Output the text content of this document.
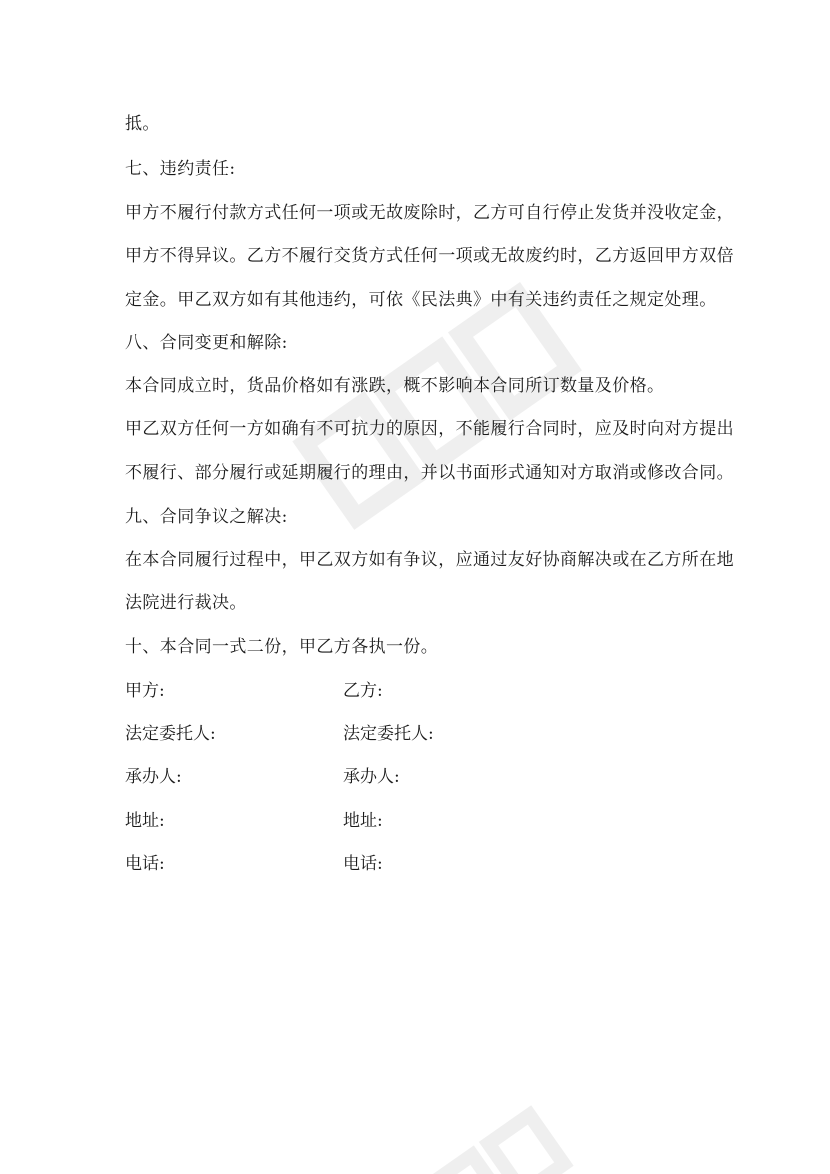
抵。
七、违约责任:
甲方不履行付款方式任何一项或无故废除时，乙方可自行停止发货并没收定金，
甲方不得异议。乙方不履行交货方式任何一项或无故废约时，乙方返回甲方双倍
定金。甲乙双方如有其他违约，可依《民法典》中有关违约责任之规定处理。
八、合同变更和解除:
本合同成立时，货品价格如有涨跌，概不影响本合同所订数量及价格。
甲乙双方任何一方如确有不可抗力的原因，不能履行合同时，应及时向对方提出
不履行、部分履行或延期履行的理由，并以书面形式通知对方取消或修改合同。
九、合同争议之解决:
在本合同履行过程中，甲乙双方如有争议，应通过友好协商解决或在乙方所在地
法院进行裁决。
十、本合同一式二份，甲乙方各执一份。
甲方:	乙方:
法定委托人:	法定委托人:
承办人:	承办人:
地址:	地址:
电话:	电话:
